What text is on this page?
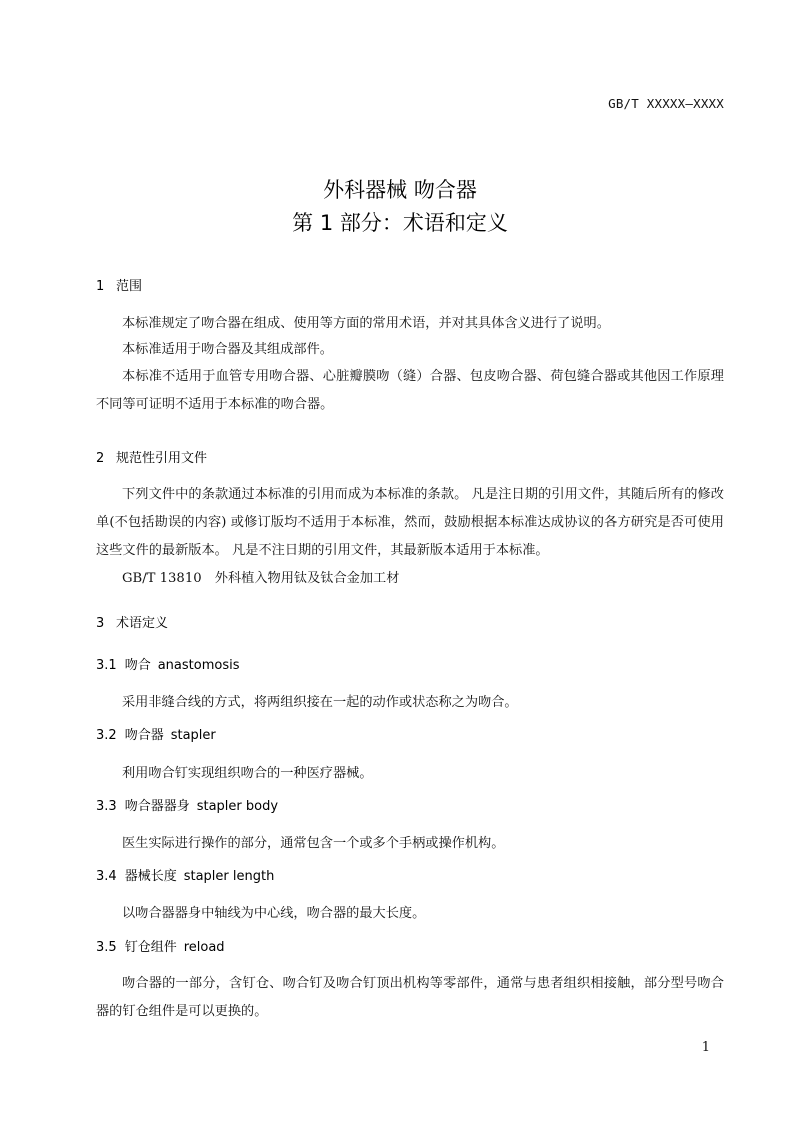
GB/T XXXXX—XXXX
外科器械 吻合器
第 1 部分：术语和定义
1 范围
本标准规定了吻合器在组成、使用等方面的常用术语，并对其具体含义进行了说明。
本标准适用于吻合器及其组成部件。
本标准不适用于血管专用吻合器、心脏瓣膜吻（缝）合器、包皮吻合器、荷包缝合器或其他因工作原理不同等可证明不适用于本标准的吻合器。
2 规范性引用文件
下列文件中的条款通过本标准的引用而成为本标准的条款。 凡是注日期的引用文件，其随后所有的修改单(不包括勘误的内容) 或修订版均不适用于本标准，然而，鼓励根据本标准达成协议的各方研究是否可使用这些文件的最新版本。 凡是不注日期的引用文件，其最新版本适用于本标准。
GB/T 13810　外科植入物用钛及钛合金加工材
3 术语定义
3.1 吻合 anastomosis
采用非缝合线的方式，将两组织接在一起的动作或状态称之为吻合。
3.2 吻合器 stapler
利用吻合钉实现组织吻合的一种医疗器械。
3.3 吻合器器身 stapler body
医生实际进行操作的部分，通常包含一个或多个手柄或操作机构。
3.4 器械长度 stapler length
以吻合器器身中轴线为中心线，吻合器的最大长度。
3.5 钉仓组件 reload
吻合器的一部分，含钉仓、吻合钉及吻合钉顶出机构等零部件，通常与患者组织相接触，部分型号吻合器的钉仓组件是可以更换的。
1
